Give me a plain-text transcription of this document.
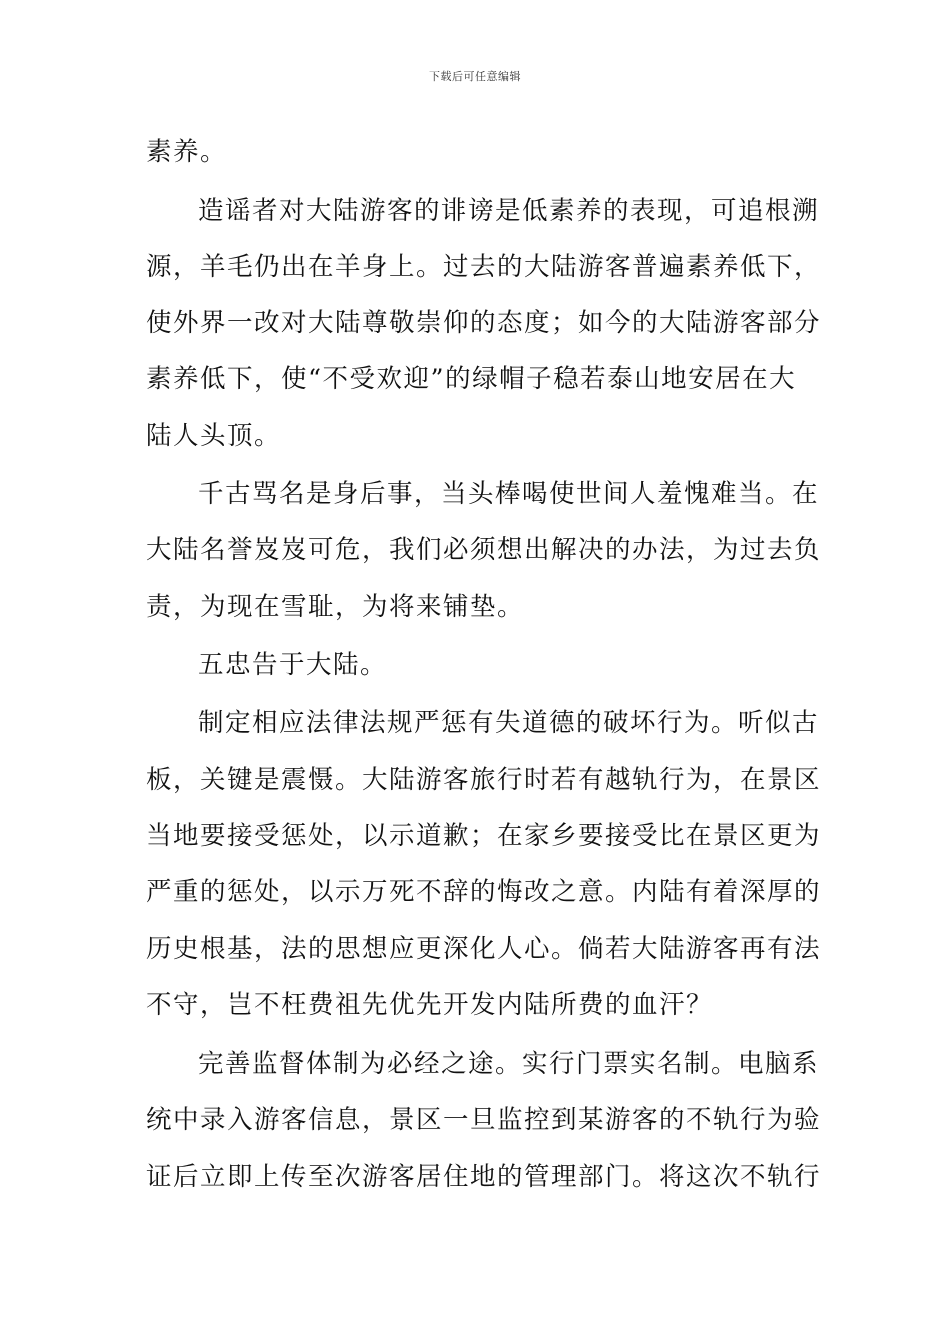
下载后可任意编辑
素养。
造谣者对大陆游客的诽谤是低素养的表现，可追根溯
源，羊毛仍出在羊身上。过去的大陆游客普遍素养低下，
使外界一改对大陆尊敬崇仰的态度；如今的大陆游客部分
素养低下，使“不受欢迎”的绿帽子稳若泰山地安居在大
陆人头顶。
千古骂名是身后事，当头棒喝使世间人羞愧难当。在
大陆名誉岌岌可危，我们必须想出解决的办法，为过去负
责，为现在雪耻，为将来铺垫。
五忠告于大陆。
制定相应法律法规严惩有失道德的破坏行为。听似古
板，关键是震慑。大陆游客旅行时若有越轨行为，在景区
当地要接受惩处，以示道歉；在家乡要接受比在景区更为
严重的惩处，以示万死不辞的悔改之意。内陆有着深厚的
历史根基，法的思想应更深化人心。倘若大陆游客再有法
不守，岂不枉费祖先优先开发内陆所费的血汗？
完善监督体制为必经之途。实行门票实名制。电脑系
统中录入游客信息，景区一旦监控到某游客的不轨行为验
证后立即上传至次游客居住地的管理部门。将这次不轨行
